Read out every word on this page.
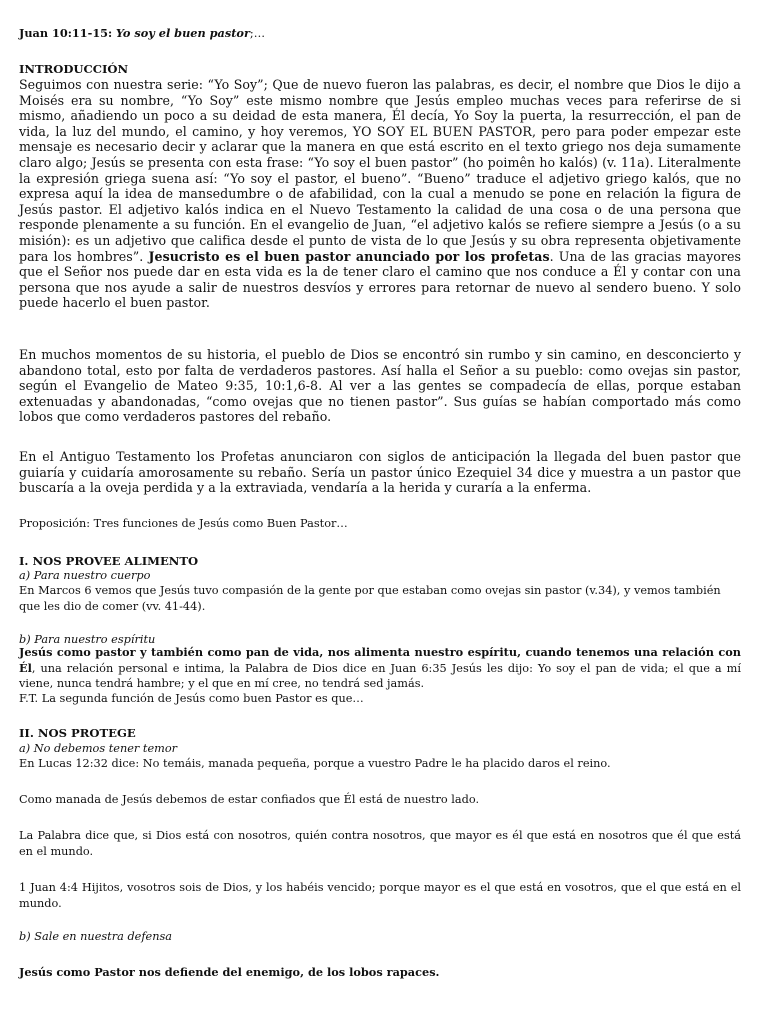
Juan 10:11-15: Yo soy el buen pastor;…

INTRODUCCIÓN

Seguimos con nuestra serie: “Yo Soy”; Que de nuevo fueron las palabras, es decir, el nombre que Dios le dijo a Moisés era su nombre, “Yo Soy” este mismo nombre que Jesús empleo muchas veces para referirse de si mismo, añadiendo un poco a su deidad de esta manera, Él decía, Yo Soy la puerta, la resurrección, el pan de vida, la luz del mundo, el camino, y hoy veremos, YO SOY EL BUEN PASTOR, pero para poder empezar este mensaje es necesario decir y aclarar que la manera en que está escrito en el texto griego nos deja sumamente claro algo; Jesús se presenta con esta frase: “Yo soy el buen pastor” (ho poimên ho kalós) (v. 11a). Literalmente la expresión griega suena así: “Yo soy el pastor, el bueno”. “Bueno” traduce el adjetivo griego kalós, que no expresa aquí la idea de mansedumbre o de afabilidad, con la cual a menudo se pone en relación la figura de Jesús pastor. El adjetivo kalós indica en el Nuevo Testamento la calidad de una cosa o de una persona que responde plenamente a su función. En el evangelio de Juan, “el adjetivo kalós se refiere siempre a Jesús (o a su misión): es un adjetivo que califica desde el punto de vista de lo que Jesús y su obra representa objetivamente para los hombres”. Jesucristo es el buen pastor anunciado por los profetas. Una de las gracias mayores que el Señor nos puede dar en esta vida es la de tener claro el camino que nos conduce a Él y contar con una persona que nos ayude a salir de nuestros desvíos y errores para retornar de nuevo al sendero bueno. Y solo puede hacerlo el buen pastor.

En muchos momentos de su historia, el pueblo de Dios se encontró sin rumbo y sin camino, en desconcierto y abandono total, esto por falta de verdaderos pastores. Así halla el Señor a su pueblo: como ovejas sin pastor, según el Evangelio de Mateo 9:35, 10:1,6-8. Al ver a las gentes se compadecía de ellas, porque estaban extenuadas y abandonadas, “como ovejas que no tienen pastor”. Sus guías se habían comportado más como lobos que como verdaderos pastores del rebaño.

En el Antiguo Testamento los Profetas anunciaron con siglos de anticipación la llegada del buen pastor que guiaría y cuidaría amorosamente su rebaño. Sería un pastor único Ezequiel 34 dice y muestra a un pastor que buscaría a la oveja perdida y a la extraviada, vendaría a la herida y curaría a la enferma.

Proposición: Tres funciones de Jesús como Buen Pastor…

I. NOS PROVEE ALIMENTO
a) Para nuestro cuerpo

En Marcos 6 vemos que Jesús tuvo compasión de la gente por que estaban como ovejas sin pastor (v.34), y vemos también que les dio de comer (vv. 41-44).

b) Para nuestro espíritu

Jesús como pastor y también como pan de vida, nos alimenta nuestro espíritu, cuando tenemos una relación con Él, una relación personal e intima, la Palabra de Dios dice en Juan 6:35 Jesús les dijo: Yo soy el pan de vida; el que a mí viene, nunca tendrá hambre; y el que en mí cree, no tendrá sed jamás.

F.T. La segunda función de Jesús como buen Pastor es que…

II. NOS PROTEGE
a) No debemos tener temor

En Lucas 12:32 dice: No temáis, manada pequeña, porque a vuestro Padre le ha placido daros el reino.

Como manada de Jesús debemos de estar confiados que Él está de nuestro lado.

La Palabra dice que, si Dios está con nosotros, quién contra nosotros, que mayor es él que está en nosotros que él que está en el mundo.

1 Juan 4:4 Hijitos, vosotros sois de Dios, y los habéis vencido; porque mayor es el que está en vosotros, que el que está en el mundo.

b) Sale en nuestra defensa

Jesús como Pastor nos defiende del enemigo, de los lobos rapaces.
